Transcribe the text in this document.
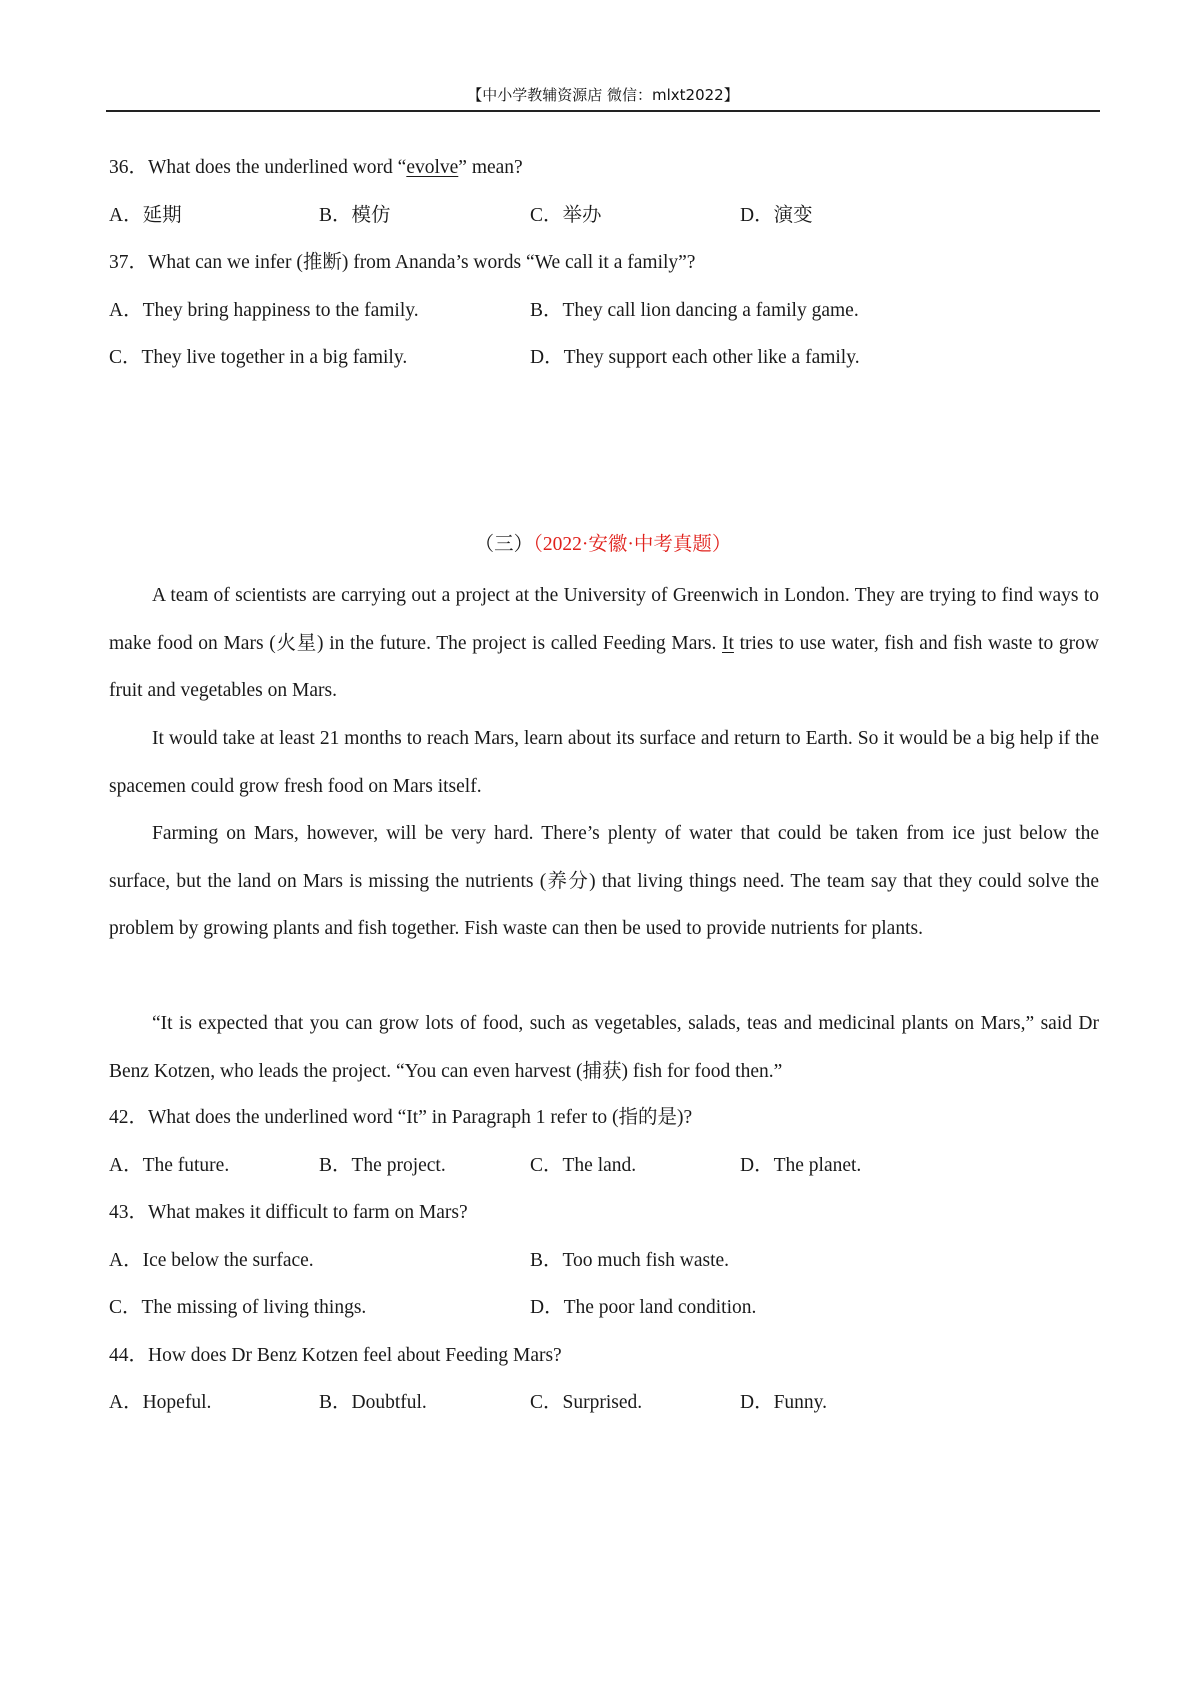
【中小学教辅资源店 微信：mlxt2022】
36．What does the underlined word “evolve” mean?
A．延期	B．模仿	C．举办	D．演变
37．What can we infer (推断) from Ananda’s words “We call it a family”?
A．They bring happiness to the family.	B．They call lion dancing a family game.
C．They live together in a big family.	D．They support each other like a family.
（三）（2022·安徽·中考真题）
A team of scientists are carrying out a project at the University of Greenwich in London. They are trying to find ways to make food on Mars (火星) in the future. The project is called Feeding Mars. It tries to use water, fish and fish waste to grow fruit and vegetables on Mars.
It would take at least 21 months to reach Mars, learn about its surface and return to Earth. So it would be a big help if the spacemen could grow fresh food on Mars itself.
Farming on Mars, however, will be very hard. There’s plenty of water that could be taken from ice just below the surface, but the land on Mars is missing the nutrients (养分) that living things need. The team say that they could solve the problem by growing plants and fish together. Fish waste can then be used to provide nutrients for plants.
“It is expected that you can grow lots of food, such as vegetables, salads, teas and medicinal plants on Mars,” said Dr Benz Kotzen, who leads the project. “You can even harvest (捕获) fish for food then.”
42．What does the underlined word “It” in Paragraph 1 refer to (指的是)?
A．The future.	B．The project.	C．The land.	D．The planet.
43．What makes it difficult to farm on Mars?
A．Ice below the surface.	B．Too much fish waste.
C．The missing of living things.	D．The poor land condition.
44．How does Dr Benz Kotzen feel about Feeding Mars?
A．Hopeful.	B．Doubtful.	C．Surprised.	D．Funny.
